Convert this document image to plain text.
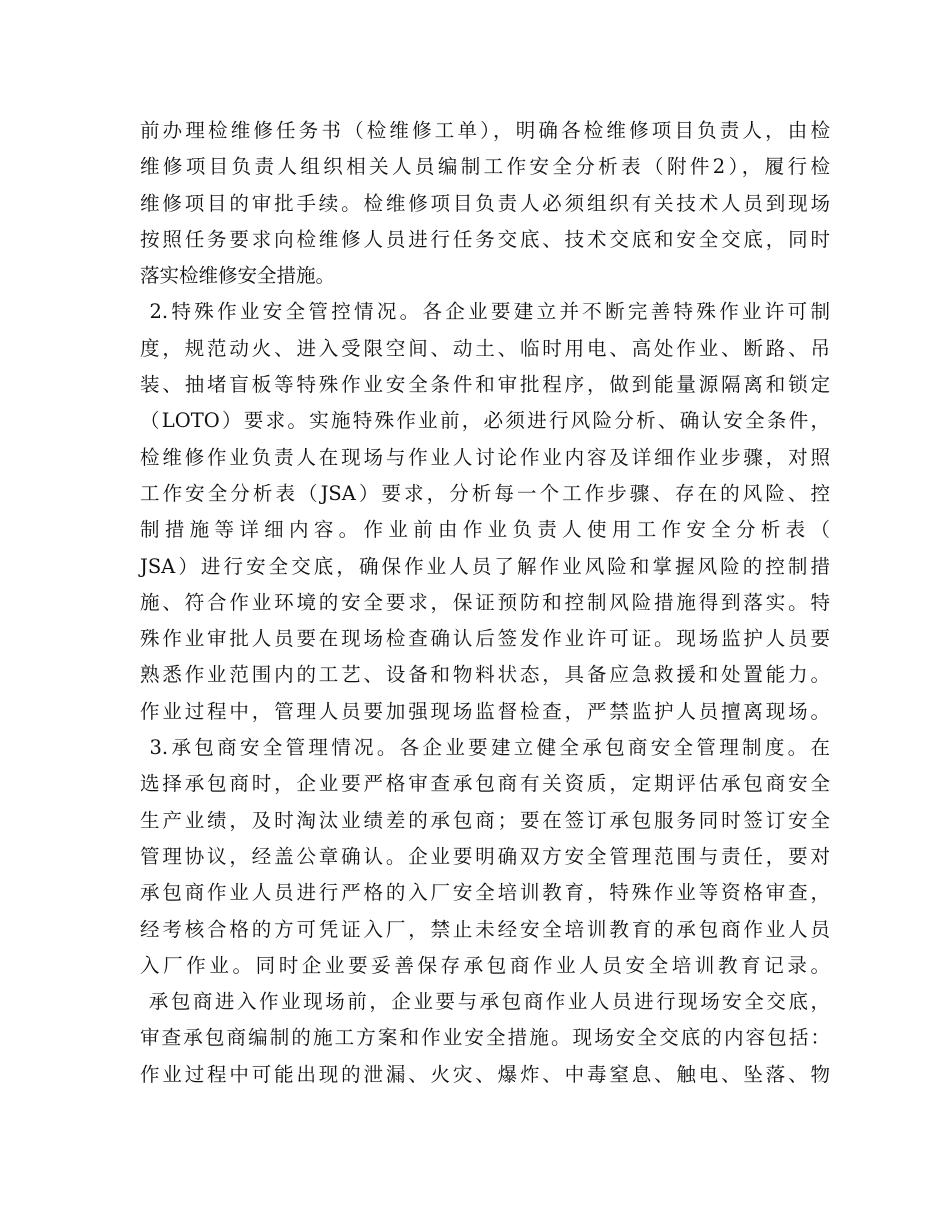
前办理检维修任务书（检维修工单），明确各检维修项目负责人，由检
维修项目负责人组织相关人员编制工作安全分析表（附件2），履行检
维修项目的审批手续。检维修项目负责人必须组织有关技术人员到现场
按照任务要求向检维修人员进行任务交底、技术交底和安全交底，同时
落实检维修安全措施。
2.特殊作业安全管控情况。各企业要建立并不断完善特殊作业许可制
度，规范动火、进入受限空间、动土、临时用电、高处作业、断路、吊
装、抽堵盲板等特殊作业安全条件和审批程序，做到能量源隔离和锁定
（LOTO）要求。实施特殊作业前，必须进行风险分析、确认安全条件，
检维修作业负责人在现场与作业人讨论作业内容及详细作业步骤，对照
工作安全分析表（JSA）要求，分析每一个工作步骤、存在的风险、控
制措施等详细内容。作业前由作业负责人使用工作安全分析表（
JSA）进行安全交底，确保作业人员了解作业风险和掌握风险的控制措
施、符合作业环境的安全要求，保证预防和控制风险措施得到落实。特
殊作业审批人员要在现场检查确认后签发作业许可证。现场监护人员要
熟悉作业范围内的工艺、设备和物料状态，具备应急救援和处置能力。
作业过程中，管理人员要加强现场监督检查，严禁监护人员擅离现场。
3.承包商安全管理情况。各企业要建立健全承包商安全管理制度。在
选择承包商时，企业要严格审查承包商有关资质，定期评估承包商安全
生产业绩，及时淘汰业绩差的承包商；要在签订承包服务同时签订安全
管理协议，经盖公章确认。企业要明确双方安全管理范围与责任，要对
承包商作业人员进行严格的入厂安全培训教育，特殊作业等资格审查，
经考核合格的方可凭证入厂，禁止未经安全培训教育的承包商作业人员
入厂作业。同时企业要妥善保存承包商作业人员安全培训教育记录。
承包商进入作业现场前，企业要与承包商作业人员进行现场安全交底，
审查承包商编制的施工方案和作业安全措施。现场安全交底的内容包括：
作业过程中可能出现的泄漏、火灾、爆炸、中毒窒息、触电、坠落、物
